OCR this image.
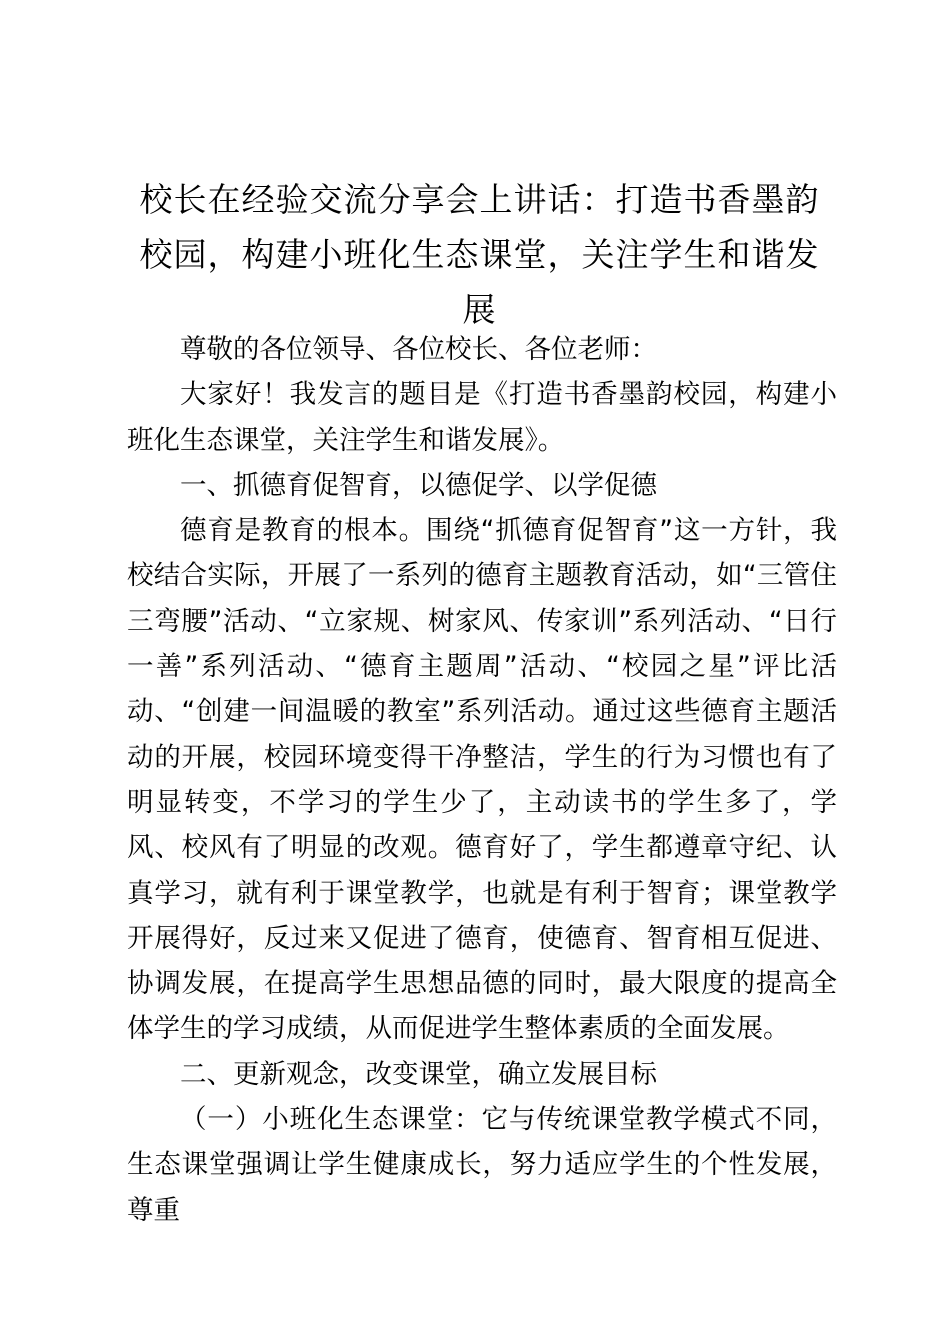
校长在经验交流分享会上讲话：打造书香墨韵校园，构建小班化生态课堂，关注学生和谐发展

尊敬的各位领导、各位校长、各位老师：

大家好！我发言的题目是《打造书香墨韵校园，构建小班化生态课堂，关注学生和谐发展》。

一、抓德育促智育，以德促学、以学促德

德育是教育的根本。围绕“抓德育促智育”这一方针，我校结合实际，开展了一系列的德育主题教育活动，如“三管住三弯腰”活动、“立家规、树家风、传家训”系列活动、“日行一善”系列活动、“德育主题周”活动、“校园之星”评比活动、“创建一间温暖的教室”系列活动。通过这些德育主题活动的开展，校园环境变得干净整洁，学生的行为习惯也有了明显转变，不学习的学生少了，主动读书的学生多了，学风、校风有了明显的改观。德育好了，学生都遵章守纪、认真学习，就有利于课堂教学，也就是有利于智育；课堂教学开展得好，反过来又促进了德育，使德育、智育相互促进、协调发展，在提高学生思想品德的同时，最大限度的提高全体学生的学习成绩，从而促进学生整体素质的全面发展。

二、更新观念，改变课堂，确立发展目标

（一）小班化生态课堂：它与传统课堂教学模式不同，生态课堂强调让学生健康成长，努力适应学生的个性发展，尊重
